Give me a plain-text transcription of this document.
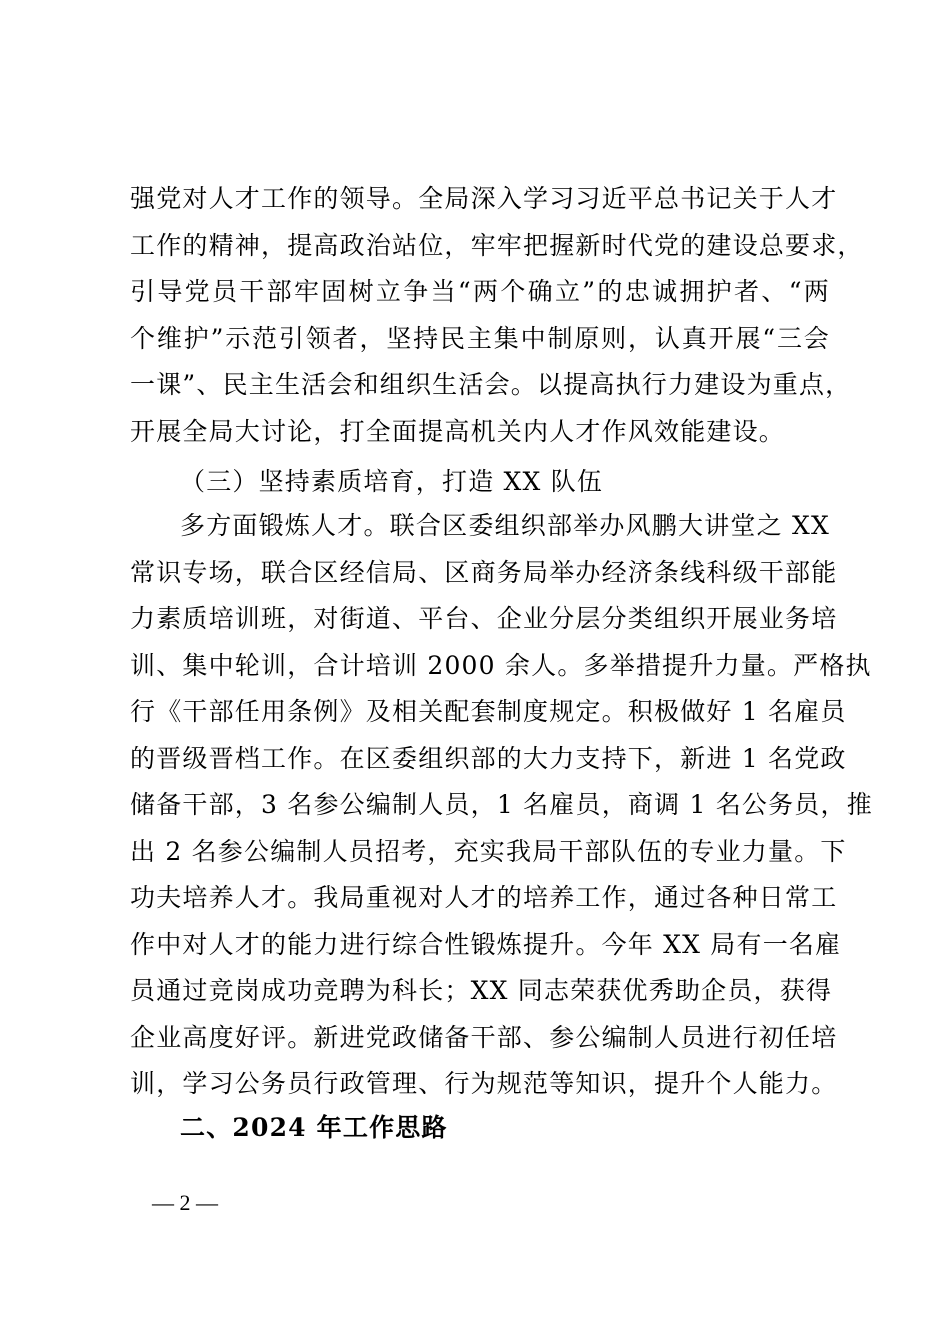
强党对人才工作的领导。全局深入学习习近平总书记关于人才
工作的精神，提高政治站位，牢牢把握新时代党的建设总要求，
引导党员干部牢固树立争当“两个确立”的忠诚拥护者、“两
个维护”示范引领者，坚持民主集中制原则，认真开展“三会
一课”、民主生活会和组织生活会。以提高执行力建设为重点，
开展全局大讨论，打全面提高机关内人才作风效能建设。
（三）坚持素质培育，打造 XX 队伍
多方面锻炼人才。联合区委组织部举办风鹏大讲堂之 XX
常识专场，联合区经信局、区商务局举办经济条线科级干部能
力素质培训班，对街道、平台、企业分层分类组织开展业务培
训、集中轮训，合计培训 2000 余人。多举措提升力量。严格执
行《干部任用条例》及相关配套制度规定。积极做好 1 名雇员
的晋级晋档工作。在区委组织部的大力支持下，新进 1 名党政
储备干部，3 名参公编制人员，1 名雇员，商调 1 名公务员，推
出 2 名参公编制人员招考，充实我局干部队伍的专业力量。下
功夫培养人才。我局重视对人才的培养工作，通过各种日常工
作中对人才的能力进行综合性锻炼提升。今年 XX 局有一名雇
员通过竞岗成功竞聘为科长；XX 同志荣获优秀助企员，获得
企业高度好评。新进党政储备干部、参公编制人员进行初任培
训，学习公务员行政管理、行为规范等知识，提升个人能力。
二、2024 年工作思路
— 2 —
